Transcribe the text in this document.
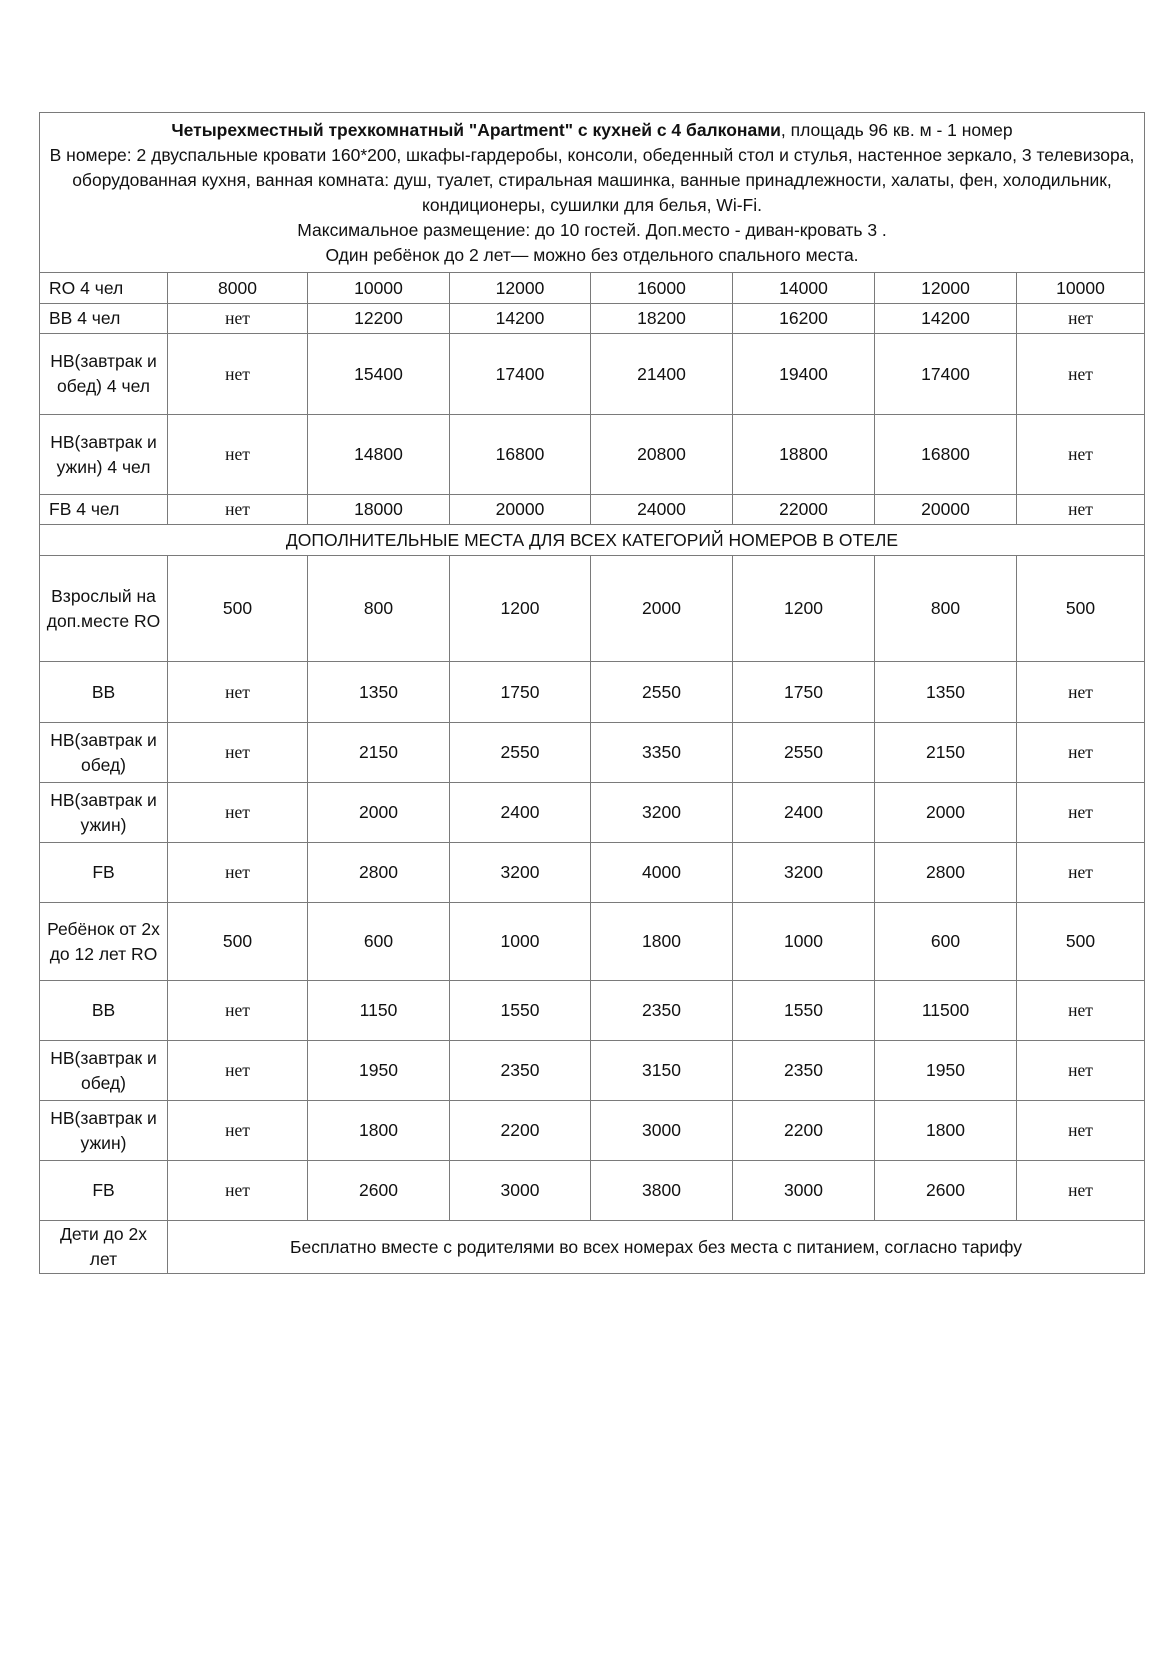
Четырехместный трехкомнатный "Apartment" с кухней с 4 балконами, площадь 96 кв. м - 1 номер
В номере: 2 двуспальные кровати 160*200, шкафы-гардеробы, консоли, обеденный стол и стулья, настенное зеркало, 3 телевизора, оборудованная кухня, ванная комната: душ, туалет, стиральная машинка, ванные принадлежности, халаты, фен, холодильник, кондиционеры, сушилки для белья, Wi-Fi.
Максимальное размещение: до 10 гостей. Доп.место - диван-кровать 3 .
Один ребёнок до 2 лет— можно без отдельного спального места.							
RO 4 чел	8000	10000	12000	16000	14000	12000	10000
BB 4 чел	нет	12200	14200	18200	16200	14200	нет
HB(завтрак и обед) 4 чел	нет	15400	17400	21400	19400	17400	нет
HB(завтрак и ужин) 4 чел	нет	14800	16800	20800	18800	16800	нет
FB 4 чел	нет	18000	20000	24000	22000	20000	нет
ДОПОЛНИТЕЛЬНЫЕ МЕСТА ДЛЯ ВСЕХ КАТЕГОРИЙ НОМЕРОВ В ОТЕЛЕ							
Взрослый на доп.месте RO	500	800	1200	2000	1200	800	500
BB	нет	1350	1750	2550	1750	1350	нет
HB(завтрак и обед)	нет	2150	2550	3350	2550	2150	нет
HB(завтрак и ужин)	нет	2000	2400	3200	2400	2000	нет
FB	нет	2800	3200	4000	3200	2800	нет
Ребёнок от 2х до 12 лет RO	500	600	1000	1800	1000	600	500
BB	нет	1150	1550	2350	1550	11500	нет
HB(завтрак и обед)	нет	1950	2350	3150	2350	1950	нет
HB(завтрак и ужин)	нет	1800	2200	3000	2200	1800	нет
FB	нет	2600	3000	3800	3000	2600	нет
Дети до 2х лет	Бесплатно вместе с родителями во всех номерах без места с питанием, согласно тарифу						
